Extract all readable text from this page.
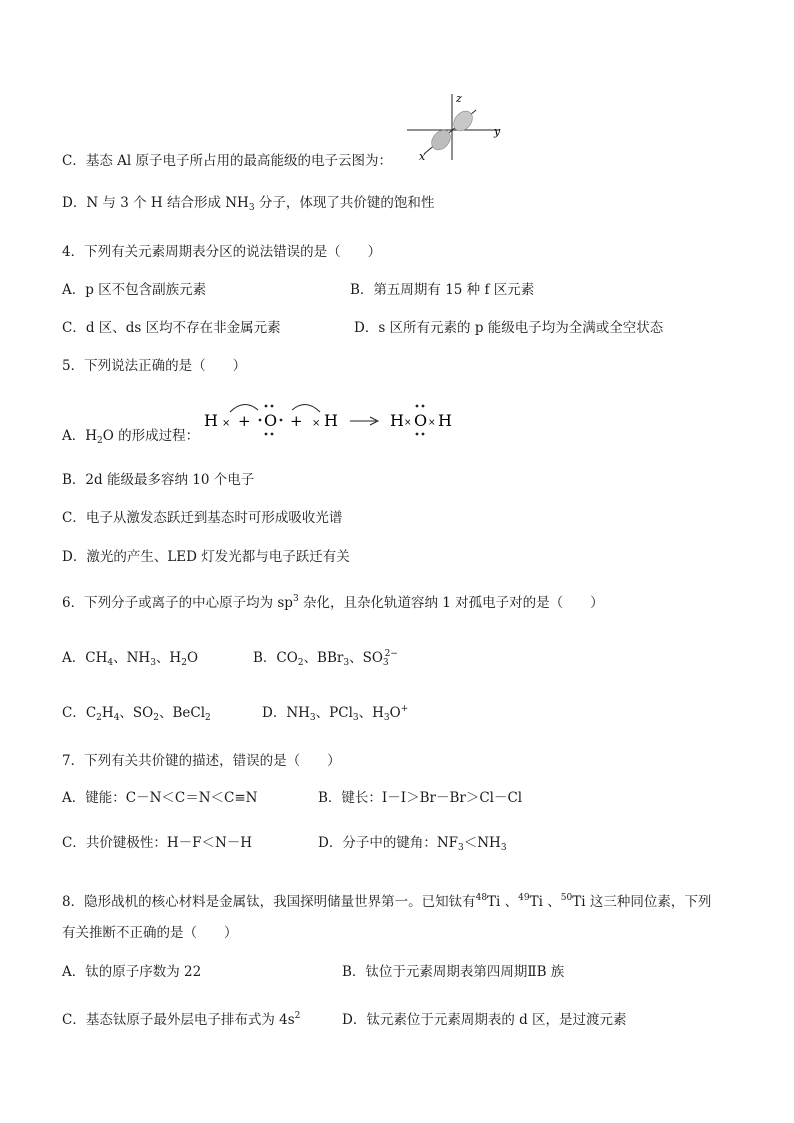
C．基态 Al 原子电子所占用的最高能级的电子云图为：
z
y
x
D．N 与 3 个 H 结合形成 $NH_3$ 分子，体现了共价键的饱和性
4．下列有关元素周期表分区的说法错误的是（　　）
A．p 区不包含副族元素	B．第五周期有 15 种 f 区元素
C．d 区、ds 区均不存在非金属元素	D．s 区所有元素的 p 能级电子均为全满或全空状态
5．下列说法正确的是（　　）
A．$H_2O$ 的形成过程：
H × + O + × H	H × O × H
B．2d 能级最多容纳 10 个电子
C．电子从激发态跃迁到基态时可形成吸收光谱
D．激光的产生、LED 灯发光都与电子跃迁有关
6．下列分子或离子的中心原子均为 $sp^3$ 杂化，且杂化轨道容纳 1 对孤电子对的是（　　）
A．$CH_4$、$NH_3$、$H_2O$	B．$CO_2$、BBr$_3$、$SO_3^{2-}$
C．$C_2H_4$、$SO_2$、BeCl$_2$	D．$NH_3$、PCl$_3$、$H_3O^+$
7．下列有关共价键的描述，错误的是（　　）
A．键能：C－N＜C＝N＜C≡N	B．键长：I－I＞Br－Br＞Cl－Cl
C．共价键极性：H－F＜N－H	D．分子中的键角：$NF_3<NH_3$
8．隐形战机的核心材料是金属钛，我国探明储量世界第一。已知钛有$^{48}$Ti 、$^{49}$Ti 、$^{50}$Ti 这三种同位素，下列
有关推断不正确的是（　　）
A．钛的原子序数为 22	B．钛位于元素周期表第四周期ⅡB 族
C．基态钛原子最外层电子排布式为 $4s^2$	D．钛元素位于元素周期表的 d 区，是过渡元素
